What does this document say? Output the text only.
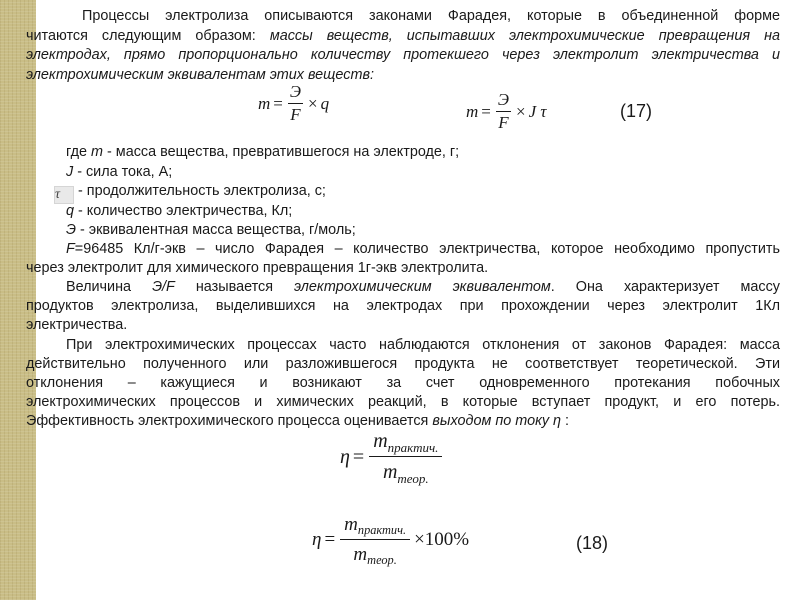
Процессы электролиза описываются законами Фарадея, которые в объединенной форме

читаются следующим образом: массы веществ, испытавших электрохимические превращения на

электродах, прямо пропорционально количеству протекшего через электролит электричества и

электрохимическим эквивалентам этих веществ:

$m = \frac{Э}{F} \times q$	$m = \frac{Э}{F} \times J$ τ	(17)

где m - масса вещества, превратившегося на электроде, г;

J - сила тока, А;

τ - продолжительность электролиза, с;

q - количество электричества, Кл;

Э - эквивалентная масса вещества, г/моль;

F=96485 Кл/г-экв – число Фарадея – количество электричества, которое необходимо пропустить

через электролит для химического превращения 1г-экв электролита.

Величина Э/F называется электрохимическим эквивалентом. Она характеризует массу

продуктов электролиза, выделившихся на электродах при прохождении через электролит 1Кл

электричества.

При электрохимических процессах часто наблюдаются отклонения от законов Фарадея: масса

действительно полученного или разложившегося продукта не соответствует теоретической. Эти

отклонения – кажущиеся и возникают за счет одновременного протекания побочных

электрохимических процессов и химических реакций, в которые вступает продукт, и его потерь.

Эффективность электрохимического процесса оценивается выходом по току η :

$\eta = \frac{m_{практич.}}{m_{теор.}}$
$\eta = \frac{m_{практич.}}{m_{теор.}} \times 100\%$	(18)
